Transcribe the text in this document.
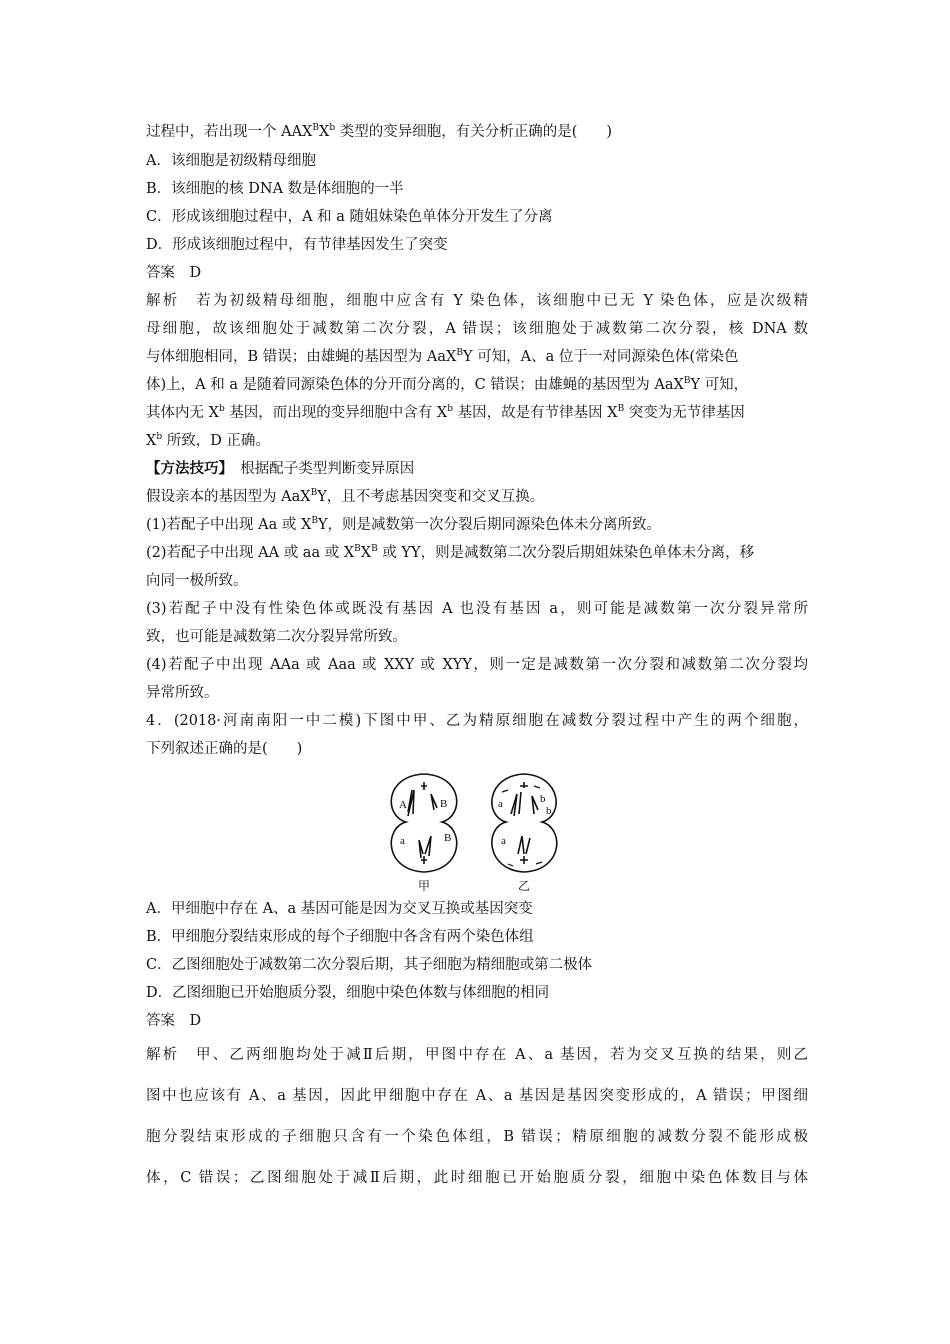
过程中，若出现一个 $AAX^BX^b$ 类型的变异细胞，有关分析正确的是(　　)
A．该细胞是初级精母细胞
B．该细胞的核 DNA 数是体细胞的一半
C．形成该细胞过程中，A 和 a 随姐妹染色单体分开发生了分离
D．形成该细胞过程中，有节律基因发生了突变
答案　D
解析　若为初级精母细胞，细胞中应含有 Y 染色体，该细胞中已无 Y 染色体，应是次级精
母细胞，故该细胞处于减数第二次分裂，A 错误；该细胞处于减数第二次分裂，核 DNA 数
与体细胞相同，B 错误；由雄蝇的基因型为 AaX$^B$Y 可知，A、a 位于一对同源染色体(常染色
体)上，A 和 a 是随着同源染色体的分开而分离的，C 错误；由雄蝇的基因型为 AaX$^B$Y 可知，
其体内无 $X^b$ 基因，而出现的变异细胞中含有 $X^b$ 基因，故是有节律基因 $X^B$ 突变为无节律基因
$X^b$ 所致，D 正确。
【方法技巧】　根据配子类型判断变异原因
假设亲本的基因型为 AaX$^B$Y，且不考虑基因突变和交叉互换。
(1)若配子中出现 Aa 或 $X^BY$，则是减数第一次分裂后期同源染色体未分离所致。
(2)若配子中出现 AA 或 aa 或 $X^BX^B$ 或 YY，则是减数第二次分裂后期姐妹染色单体未分离，移
向同一极所致。
(3)若配子中没有性染色体或既没有基因 A 也没有基因 a，则可能是减数第一次分裂异常所
致，也可能是减数第二次分裂异常所致。
(4)若配子中出现 AAa 或 Aaa 或 XXY 或 XYY，则一定是减数第一次分裂和减数第二次分裂均
异常所致。
4．(2018·河南南阳一中二模)下图中甲、乙为精原细胞在减数分裂过程中产生的两个细胞，
下列叙述正确的是(　　)
A	B
a	B
a	b
b
a
甲	乙
A．甲细胞中存在 A、a 基因可能是因为交叉互换或基因突变
B．甲细胞分裂结束形成的每个子细胞中各含有两个染色体组
C．乙图细胞处于减数第二次分裂后期，其子细胞为精细胞或第二极体
D．乙图细胞已开始胞质分裂，细胞中染色体数与体细胞的相同
答案　D
解析　甲、乙两细胞均处于减Ⅱ后期，甲图中存在 A、a 基因，若为交叉互换的结果，则乙
图中也应该有 A、a 基因，因此甲细胞中存在 A、a 基因是基因突变形成的，A 错误；甲图细
胞分裂结束形成的子细胞只含有一个染色体组，B 错误；精原细胞的减数分裂不能形成极
体，C 错误；乙图细胞处于减Ⅱ后期，此时细胞已开始胞质分裂，细胞中染色体数目与体
